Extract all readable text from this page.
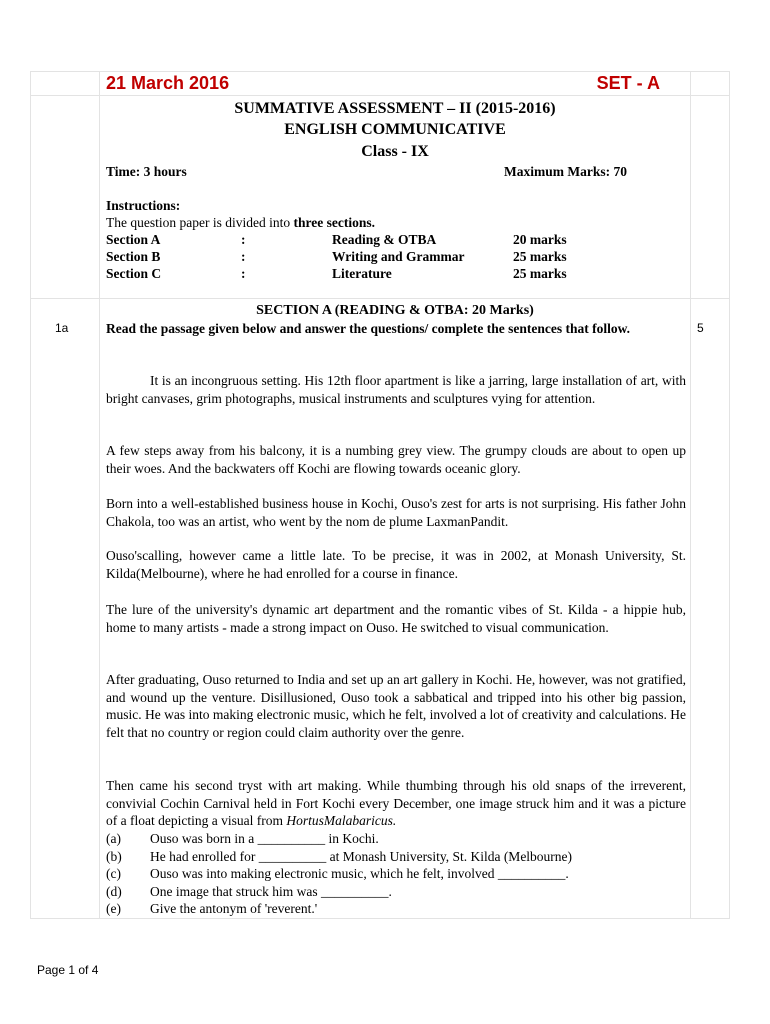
21 March 2016	SET - A
SUMMATIVE ASSESSMENT – II (2015-2016)
ENGLISH COMMUNICATIVE
Class - IX
Time: 3 hours	Maximum Marks: 70
Instructions:
The question paper is divided into three sections.
Section A	:	Reading & OTBA	20 marks
Section B	:	Writing and Grammar	25 marks
Section C	:	Literature	25 marks
SECTION A (READING & OTBA: 20 Marks)
1a	5
Read the passage given below and answer the questions/ complete the sentences that follow.
It is an incongruous setting. His 12th floor apartment is like a jarring, large installation of art, with bright canvases, grim photographs, musical instruments and sculptures vying for attention.
A few steps away from his balcony, it is a numbing grey view. The grumpy clouds are about to open up their woes. And the backwaters off Kochi are flowing towards oceanic glory.
Born into a well-established business house in Kochi, Ouso's zest for arts is not surprising. His father John Chakola, too was an artist, who went by the nom de plume LaxmanPandit.
Ouso'scalling, however came a little late. To be precise, it was in 2002, at Monash University, St. Kilda(Melbourne), where he had enrolled for a course in finance.
The lure of the university's dynamic art department and the romantic vibes of St. Kilda - a hippie hub, home to many artists - made a strong impact on Ouso. He switched to visual communication.
After graduating, Ouso returned to India and set up an art gallery in Kochi. He, however, was not gratified, and wound up the venture. Disillusioned, Ouso took a sabbatical and tripped into his other big passion, music. He was into making electronic music, which he felt, involved a lot of creativity and calculations. He felt that no country or region could claim authority over the genre.
Then came his second tryst with art making. While thumbing through his old snaps of the irreverent, convivial Cochin Carnival held in Fort Kochi every December, one image struck him and it was a picture of a float depicting a visual from HortusMalabaricus.
(a) Ouso was born in a __________ in Kochi.
(b) He had enrolled for __________ at Monash University, St. Kilda (Melbourne)
(c) Ouso was into making electronic music, which he felt, involved __________.
(d) One image that struck him was __________.
(e) Give the antonym of 'reverent.'
Page 1 of 4
